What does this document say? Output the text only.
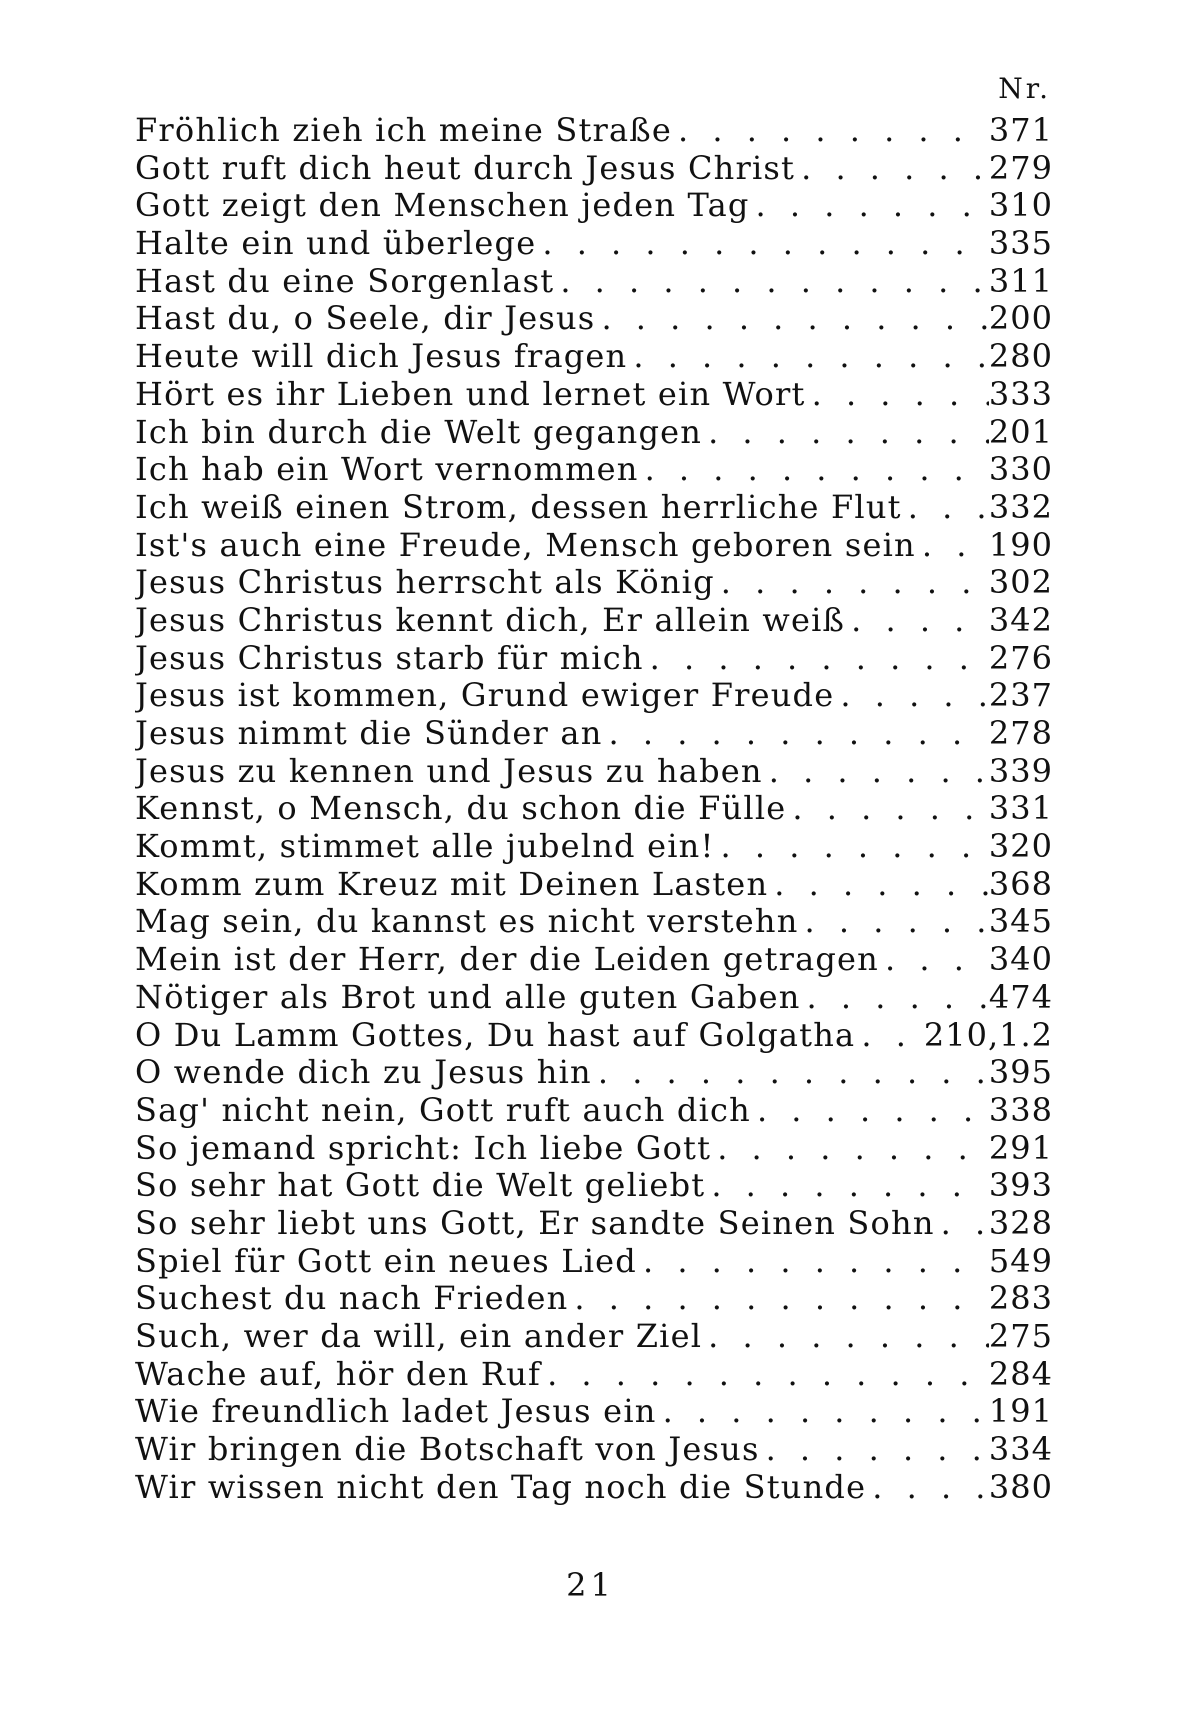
Nr.
Fröhlich zieh ich meine Straße . . .	371
Gott ruft dich heut durch Jesus Christ . . .	279
Gott zeigt den Menschen jeden Tag . . .	310
Halte ein und überlege . . .	335
Hast du eine Sorgenlast . . .	311
Hast du, o Seele, dir Jesus . . .	200
Heute will dich Jesus fragen . . .	280
Hört es ihr Lieben und lernet ein Wort . . .	333
Ich bin durch die Welt gegangen . . .	201
Ich hab ein Wort vernommen . . .	330
Ich weiß einen Strom, dessen herrliche Flut . . .	332
Ist's auch eine Freude, Mensch geboren sein . . . 190
Jesus Christus herrscht als König . . .	302
Jesus Christus kennt dich, Er allein weiß . . .	342
Jesus Christus starb für mich . . .	276
Jesus ist kommen, Grund ewiger Freude . . .	237
Jesus nimmt die Sünder an . . .	278
Jesus zu kennen und Jesus zu haben . . .	339
Kennst, o Mensch, du schon die Fülle . . .	331
Kommt, stimmet alle jubelnd ein! . . .	320
Komm zum Kreuz mit Deinen Lasten . . .	368
Mag sein, du kannst es nicht verstehn . . .	345
Mein ist der Herr, der die Leiden getragen . . .	340
Nötiger als Brot und alle guten Gaben . . .	474
O Du Lamm Gottes, Du hast auf Golgatha . . . 210,1.2
O wende dich zu Jesus hin . . .	395
Sag' nicht nein, Gott ruft auch dich . . .	338
So jemand spricht: Ich liebe Gott . . .	291
So sehr hat Gott die Welt geliebt . . .	393
So sehr liebt uns Gott, Er sandte Seinen Sohn . . . 328
Spiel für Gott ein neues Lied . . .	549
Suchest du nach Frieden . . .	283
Such, wer da will, ein ander Ziel . . .	275
Wache auf, hör den Ruf . . .	284
Wie freundlich ladet Jesus ein . . .	191
Wir bringen die Botschaft von Jesus . . .	334
Wir wissen nicht den Tag noch die Stunde . . .	380
21
